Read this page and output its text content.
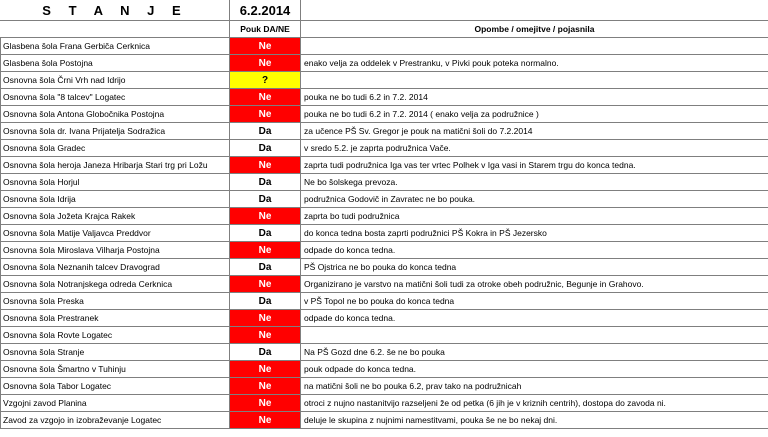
S T A N J E	6.2.2014	
	Pouk DA/NE	Opombe / omejitve / pojasnila
Glasbena šola Frana Gerbiča Cerknica	Ne	
Glasbena šola Postojna	Ne	enako velja za oddelek v Prestranku, v Pivki pouk poteka normalno.
Osnovna šola Črni Vrh nad Idrijo	?	
Osnovna šola "8 talcev" Logatec	Ne	pouka ne bo tudi 6.2 in 7.2. 2014
Osnovna šola Antona Globočnika Postojna	Ne	pouka ne bo tudi 6.2 in 7.2. 2014 ( enako velja za podružnice )
Osnovna šola dr. Ivana Prijatelja Sodražica	Da	za učence PŠ Sv. Gregor je pouk na matični šoli do 7.2.2014
Osnovna šola Gradec	Da	v sredo 5.2. je zaprta podružnica Vače.
Osnovna šola heroja Janeza Hribarja Stari trg pri Ložu	Ne	zaprta tudi podružnica Iga vas ter vrtec Polhek v Iga vasi in Starem trgu do konca tedna.
Osnovna šola Horjul	Da	Ne bo šolskega prevoza.
Osnovna šola Idrija	Da	podružnica Godovič in Zavratec ne bo pouka.
Osnovna šola Jožeta Krajca Rakek	Ne	zaprta bo tudi podružnica
Osnovna šola Matije Valjavca Preddvor	Da	do konca tedna bosta zaprti podružnici PŠ Kokra in PŠ Jezersko
Osnovna šola Miroslava Vilharja Postojna	Ne	odpade do konca tedna.
Osnovna šola Neznanih talcev Dravograd	Da	PŠ Ojstrica ne bo pouka do konca tedna
Osnovna šola Notranjskega odreda Cerknica	Ne	Organizirano je varstvo na matični šoli tudi za otroke obeh podružnic, Begunje in Grahovo.
Osnovna šola Preska	Da	v PŠ Topol ne bo pouka do konca tedna
Osnovna šola Prestranek	Ne	odpade do konca tedna.
Osnovna šola Rovte Logatec	Ne	
Osnovna šola Stranje	Da	Na PŠ Gozd dne 6.2. še ne bo pouka
Osnovna šola Šmartno v Tuhinju	Ne	pouk odpade do konca tedna.
Osnovna šola Tabor Logatec	Ne	na matični šoli ne bo pouka 6.2, prav tako na podružnicah
Vzgojni zavod Planina	Ne	otroci z nujno nastanitvijo razseljeni že od petka (6 jih je v kriznih centrih), dostopa do zavoda ni.
Zavod za vzgojo in izobraževanje Logatec	Ne	deluje le skupina z nujnimi namestitvami, pouka še ne bo nekaj dni.
